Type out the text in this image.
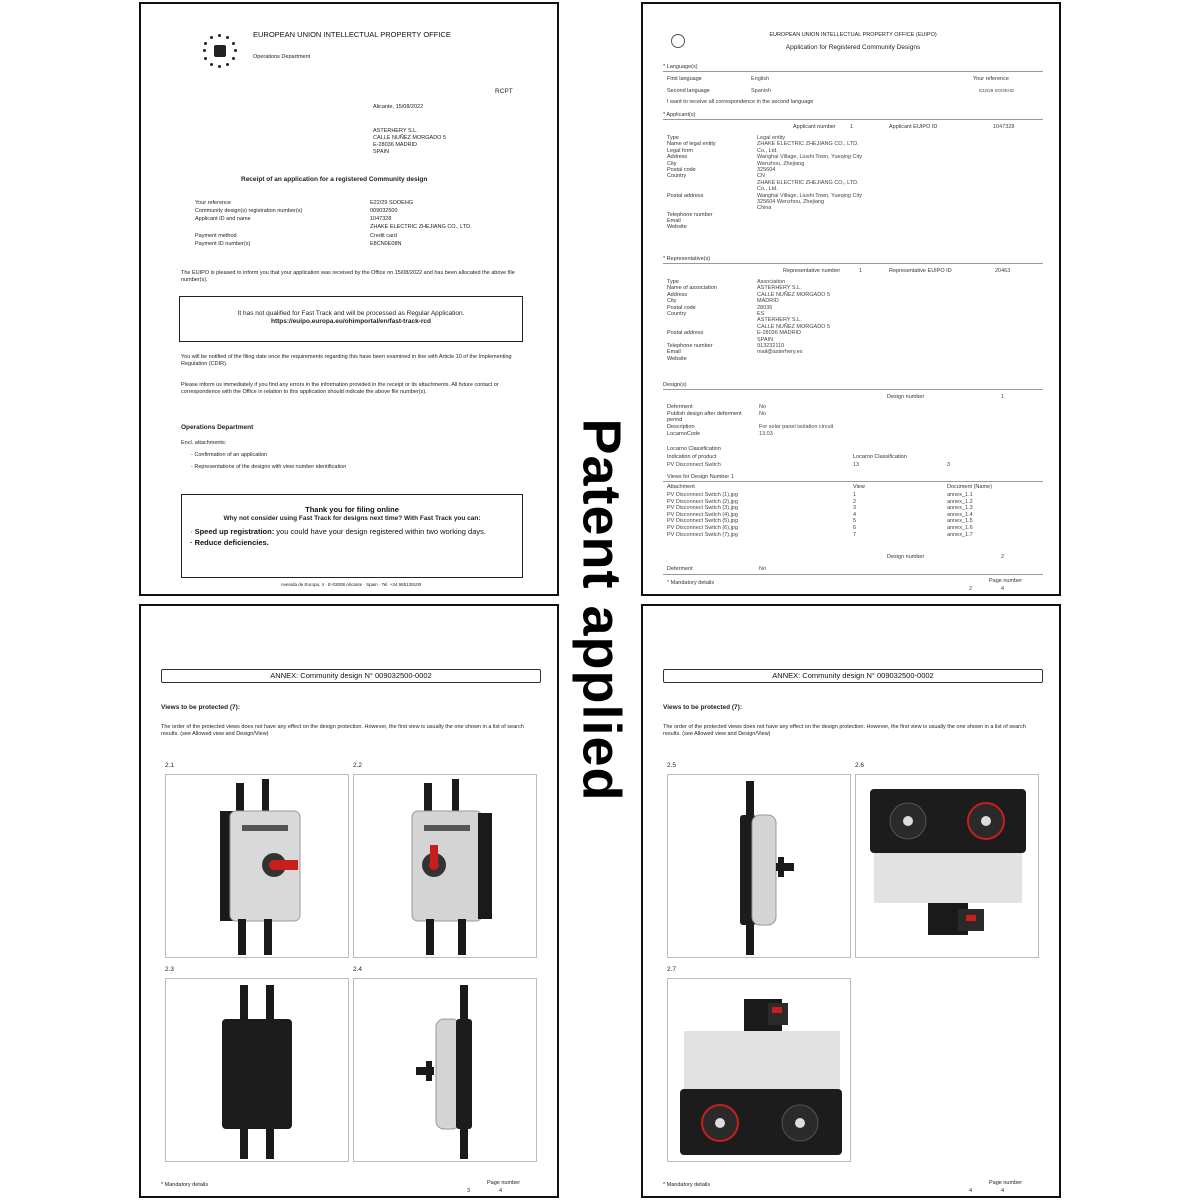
Patent applied
EUROPEAN UNION INTELLECTUAL PROPERTY OFFICE
Operations Department
RCPT
Alicante, 15/08/2022
ASTERHERY S.L.
CALLE NUÑEZ MORGADO 5
E-28036 MADRID
SPAIN
Receipt of an application for a registered Community design
Your reference	E22/29 SOOEHG
Community design(s) registration number(s)	009032500
Applicant ID and name	1047328
ZHAKE ELECTRIC ZHEJIANG CO., LTD.
Payment method	Credit card
Payment ID number(s)	E8CN0E08N
The EUIPO is pleased to inform you that your application was received by the Office on 15/08/2022 and has been allocated the above file number(s).
It has not qualified for Fast Track and will be processed as Regular Application.
https://euipo.europa.eu/ohimportal/en/fast-track-rcd
You will be notified of the filing date once the requirements regarding this have been examined in line with Article 10 of the Implementing Regulation (CDIR).
Please inform us immediately if you find any errors in the information provided in the receipt or its attachments. All future contact or correspondence with the Office in relation to this application should indicate the above file number(s).
Operations Department
Encl. attachments:
- Confirmation of an application
- Representations of the designs with view number identification
Thank you for filing online
Why not consider using Fast Track for designs next time? With Fast Track you can:
· Speed up registration: you could have your design registered within two working days.
· Reduce deficiencies.
Avenida de Europa, 4 · E-03008 Alicante · Spain · Tel. +34 965139100
EUROPEAN UNION INTELLECTUAL PROPERTY OFFICE (EUIPO)
Application for Registered Community Designs
* Language(s)
First language	English	Your reference
Second language	Spanish	E22/29 SOOEHG
I want to receive all correspondence in the second language
* Applicant(s)
Applicant number	1	Applicant EUIPO ID	1047328
Type	Legal entity
Name of legal entity	ZHAKE ELECTRIC ZHEJIANG CO., LTD.
Legal form	Co., Ltd.
Address	Wanghai Village, Liushi Town, Yueqing City
City	Wenzhou, Zhejiang
Postal code	325604
Country	CN
ZHAKE ELECTRIC ZHEJIANG CO., LTD.
Co., Ltd.
Postal address	Wanghai Village, Liushi Town, Yueqing City
325604 Wenzhou, Zhejiang
China
Telephone number
Email
Website
* Representative(s)
Representative number	1	Representative EUIPO ID	20463
Type	Association
Name of association	ASTERHERY S.L.
Address	CALLE NUÑEZ MORGADO 5
City	MADRID
Postal code	28036
Country	ES
ASTERHERY S.L.
CALLE NUÑEZ MORGADO 5
Postal address	E-28036 MADRID
SPAIN
Telephone number	913232110
Email	mail@asterhery.es
Website
Design(s)
Design number	1
Deferment	No
Publish design after deferment period
No
Description	For solar panel isolation circuit
LocarnoCode	13.03
Locarno Classification
Indication of product	Locarno Classification
PV Disconnect Switch	13	3
Views for Design Number 1
Attachment	View	Document (Name)
PV Disconnect Switch (1).jpg	1	annex_1.1
PV Disconnect Switch (2).jpg	2	annex_1.2
PV Disconnect Switch (3).jpg	3	annex_1.3
PV Disconnect Switch (4).jpg	4	annex_1.4
PV Disconnect Switch (5).jpg	5	annex_1.5
PV Disconnect Switch (6).jpg	6	annex_1.6
PV Disconnect Switch (7).jpg	7	annex_1.7
Design number	2
Deferment	No
* Mandatory details	Page number
2	4
ANNEX: Community design N° 009032500-0002
Views to be protected (7):
The order of the protected views does not have any effect on the design protection. However, the first view is usually the one shown in a list of search results. (see Allowed view and Design/View)
2.1	2.2
2.3	2.4
* Mandatory details	Page number
3	4
ANNEX: Community design N° 009032500-0002
Views to be protected (7):
The order of the protected views does not have any effect on the design protection. However, the first view is usually the one shown in a list of search results. (see Allowed view and Design/View)
2.5	2.6
2.7
* Mandatory details	Page number
4	4
